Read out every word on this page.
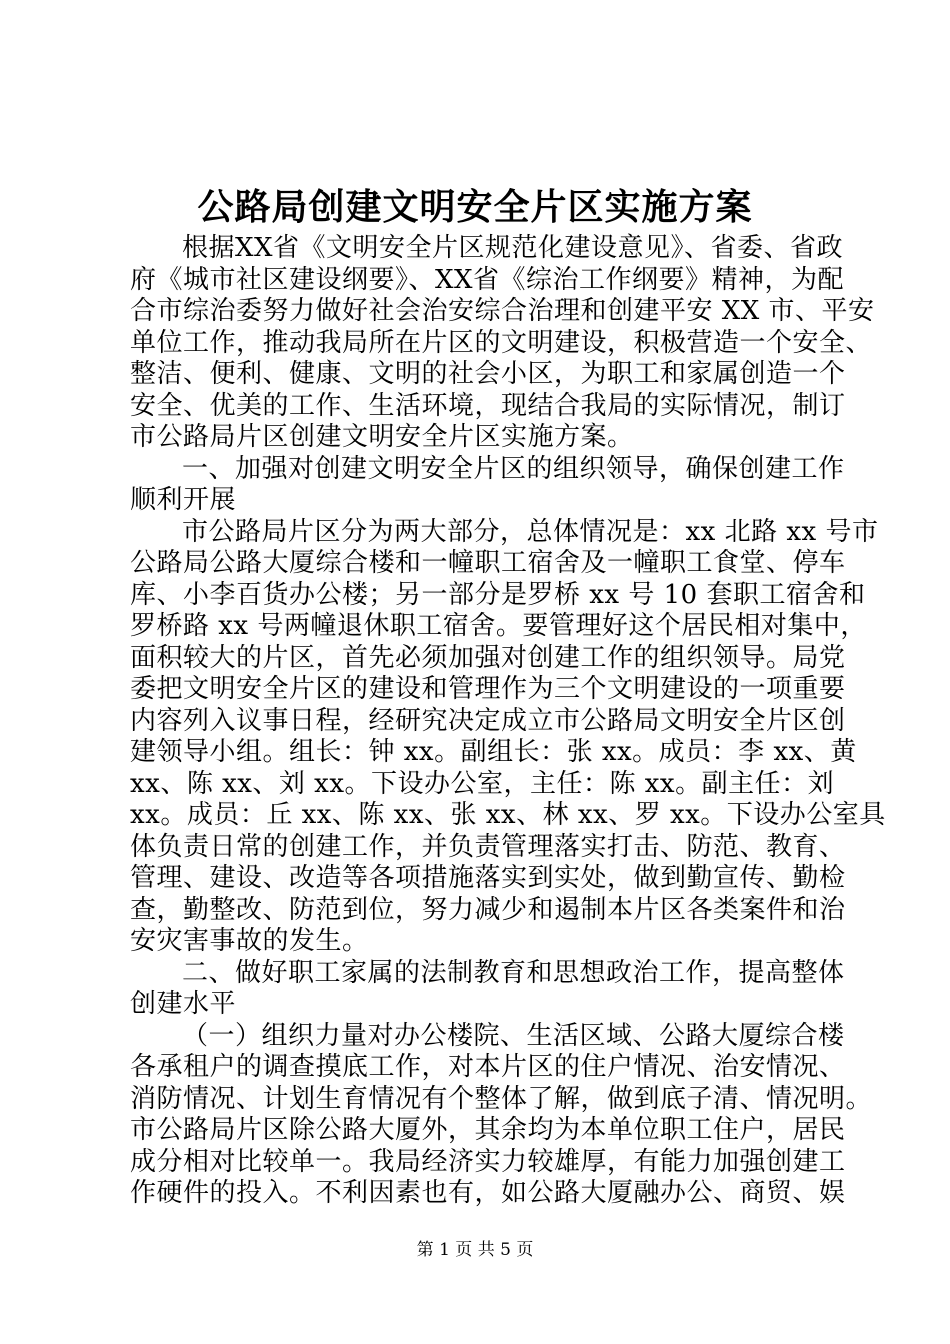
公路局创建文明安全片区实施方案
根据XX省《文明安全片区规范化建设意见》、省委、省政
府《城市社区建设纲要》、XX省《综治工作纲要》精神，为配
合市综治委努力做好社会治安综合治理和创建平安 XX 市、平安
单位工作，推动我局所在片区的文明建设，积极营造一个安全、
整洁、便利、健康、文明的社会小区，为职工和家属创造一个
安全、优美的工作、生活环境，现结合我局的实际情况，制订
市公路局片区创建文明安全片区实施方案。
一、加强对创建文明安全片区的组织领导，确保创建工作
顺利开展
市公路局片区分为两大部分，总体情况是：xx 北路 xx 号市
公路局公路大厦综合楼和一幢职工宿舍及一幢职工食堂、停车
库、小李百货办公楼；另一部分是罗桥 xx 号 10 套职工宿舍和
罗桥路 xx 号两幢退休职工宿舍。要管理好这个居民相对集中，
面积较大的片区，首先必须加强对创建工作的组织领导。局党
委把文明安全片区的建设和管理作为三个文明建设的一项重要
内容列入议事日程，经研究决定成立市公路局文明安全片区创
建领导小组。组长：钟 xx。副组长：张 xx。成员：李 xx、黄
xx、陈 xx、刘 xx。下设办公室，主任：陈 xx。副主任：刘
xx。成员：丘 xx、陈 xx、张 xx、林 xx、罗 xx。下设办公室具
体负责日常的创建工作，并负责管理落实打击、防范、教育、
管理、建设、改造等各项措施落实到实处，做到勤宣传、勤检
查，勤整改、防范到位，努力减少和遏制本片区各类案件和治
安灾害事故的发生。
二、做好职工家属的法制教育和思想政治工作，提高整体
创建水平
（一）组织力量对办公楼院、生活区域、公路大厦综合楼
各承租户的调查摸底工作，对本片区的住户情况、治安情况、
消防情况、计划生育情况有个整体了解，做到底子清、情况明。
市公路局片区除公路大厦外，其余均为本单位职工住户，居民
成分相对比较单一。我局经济实力较雄厚，有能力加强创建工
作硬件的投入。不利因素也有，如公路大厦融办公、商贸、娱
第 1 页 共 5 页
